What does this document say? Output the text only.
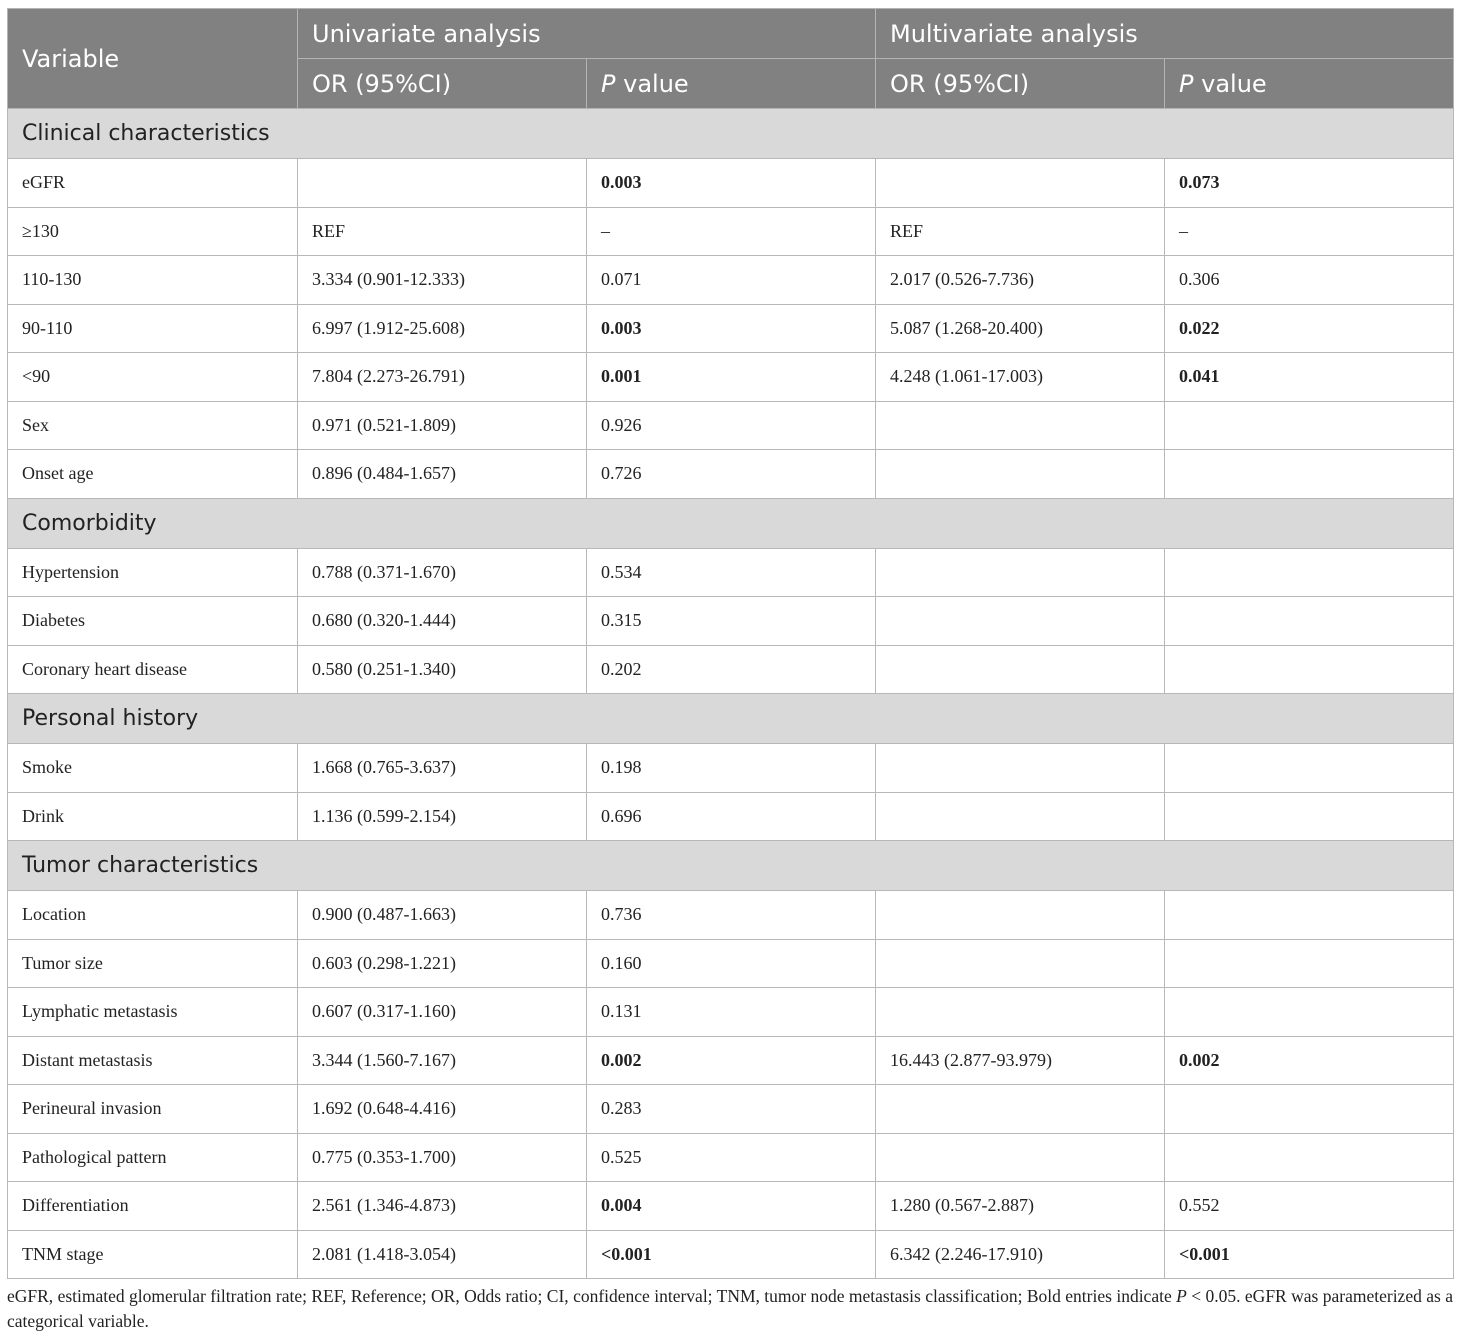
Variable	Univariate analysis		Multivariate analysis	
	OR (95%CI)	P value	OR (95%CI)	P value
Clinical characteristics				
eGFR		0.003		0.073
≥130	REF	–	REF	–
110-130	3.334 (0.901-12.333)	0.071	2.017 (0.526-7.736)	0.306
90-110	6.997 (1.912-25.608)	0.003	5.087 (1.268-20.400)	0.022
<90	7.804 (2.273-26.791)	0.001	4.248 (1.061-17.003)	0.041
Sex	0.971 (0.521-1.809)	0.926		
Onset age	0.896 (0.484-1.657)	0.726		
Comorbidity				
Hypertension	0.788 (0.371-1.670)	0.534		
Diabetes	0.680 (0.320-1.444)	0.315		
Coronary heart disease	0.580 (0.251-1.340)	0.202		
Personal history				
Smoke	1.668 (0.765-3.637)	0.198		
Drink	1.136 (0.599-2.154)	0.696		
Tumor characteristics				
Location	0.900 (0.487-1.663)	0.736		
Tumor size	0.603 (0.298-1.221)	0.160		
Lymphatic metastasis	0.607 (0.317-1.160)	0.131		
Distant metastasis	3.344 (1.560-7.167)	0.002	16.443 (2.877-93.979)	0.002
Perineural invasion	1.692 (0.648-4.416)	0.283		
Pathological pattern	0.775 (0.353-1.700)	0.525		
Differentiation	2.561 (1.346-4.873)	0.004	1.280 (0.567-2.887)	0.552
TNM stage	2.081 (1.418-3.054)	<0.001	6.342 (2.246-17.910)	<0.001
eGFR, estimated glomerular filtration rate; REF, Reference; OR, Odds ratio; CI, confidence interval; TNM, tumor node metastasis classification; Bold entries indicate P < 0.05. eGFR was parameterized as a categorical variable.
